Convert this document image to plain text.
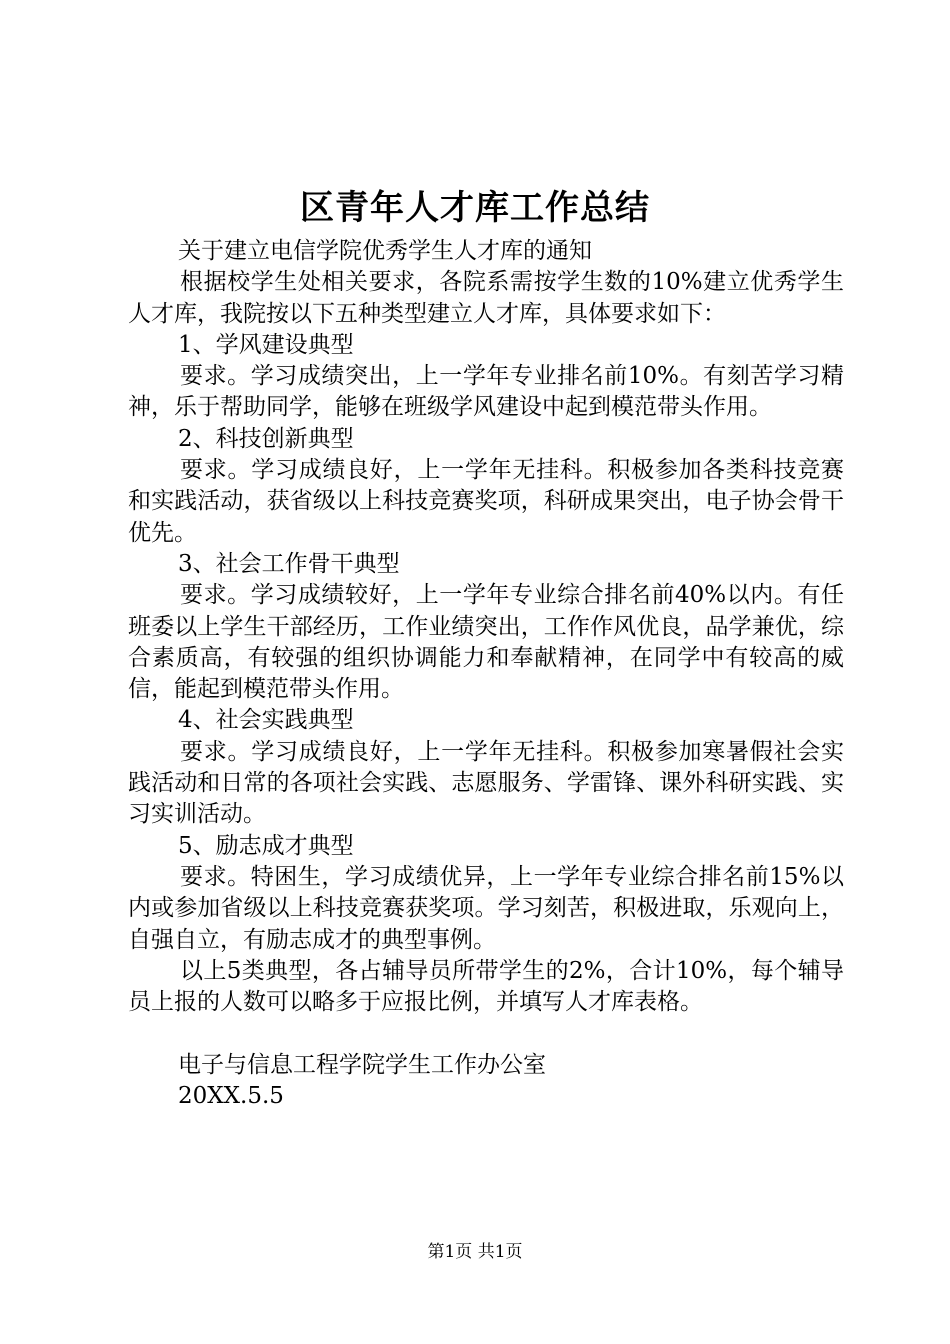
区青年人才库工作总结

关于建立电信学院优秀学生人才库的通知

根据校学生处相关要求，各院系需按学生数的10%建立优秀学生人才库，我院按以下五种类型建立人才库，具体要求如下：

1、学风建设典型

要求。学习成绩突出，上一学年专业排名前10%。有刻苦学习精神，乐于帮助同学，能够在班级学风建设中起到模范带头作用。

2、科技创新典型

要求。学习成绩良好，上一学年无挂科。积极参加各类科技竞赛和实践活动，获省级以上科技竞赛奖项，科研成果突出，电子协会骨干优先。

3、社会工作骨干典型

要求。学习成绩较好，上一学年专业综合排名前40%以内。有任班委以上学生干部经历，工作业绩突出，工作作风优良，品学兼优，综合素质高，有较强的组织协调能力和奉献精神，在同学中有较高的威信，能起到模范带头作用。

4、社会实践典型

要求。学习成绩良好，上一学年无挂科。积极参加寒暑假社会实践活动和日常的各项社会实践、志愿服务、学雷锋、课外科研实践、实习实训活动。

5、励志成才典型

要求。特困生，学习成绩优异，上一学年专业综合排名前15%以内或参加省级以上科技竞赛获奖项。学习刻苦，积极进取，乐观向上，自强自立，有励志成才的典型事例。

以上5类典型，各占辅导员所带学生的2%，合计10%，每个辅导员上报的人数可以略多于应报比例，并填写人才库表格。

电子与信息工程学院学生工作办公室

20XX.5.5

第1页 共1页
